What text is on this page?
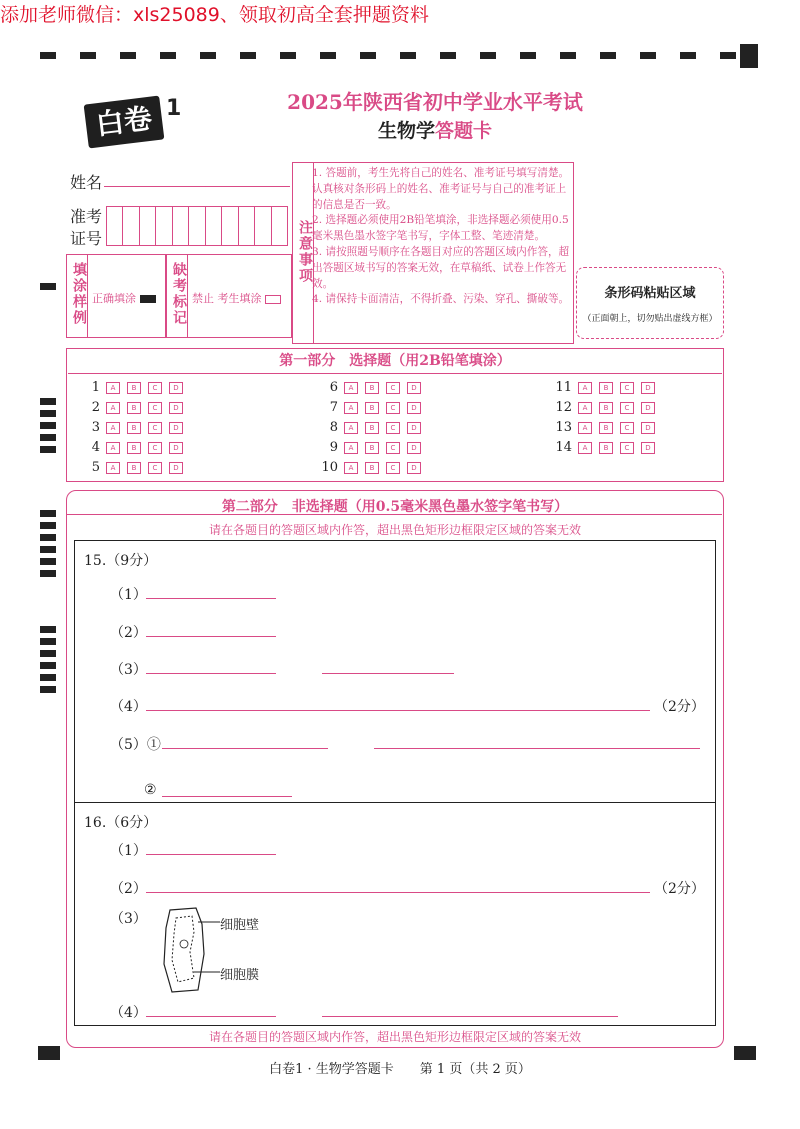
添加老师微信：xls25089、领取初高全套押题资料
白卷 1	2025年陕西省初中学业水平考试
生物学答题卡
姓名
准考
证号
填涂样例 正确填涂	缺考标记 禁止 考生填涂
注意事项
1. 答题前，考生先将自己的姓名、准考证号填写清楚。认真核对条形码上的姓名、准考证号与自己的准考证上的信息是否一致。
2. 选择题必须使用2B铅笔填涂，非选择题必须使用0.5毫米黑色墨水签字笔书写，字体工整、笔迹清楚。
3. 请按照题号顺序在各题目对应的答题区域内作答，超出答题区域书写的答案无效，在草稿纸、试卷上作答无效。
4. 请保持卡面清洁，不得折叠、污染、穿孔、撕破等。	条形码粘贴区域
（正面朝上，切勿贴出虚线方框）
第一部分　选择题（用2B铅笔填涂）
1 A B C D
2 A B C D
3 A B C D
4 A B C D
5 A B C D
6 A B C D
7 A B C D
8 A B C D
9 A B C D
10 A B C D
11 A B C D
12 A B C D
13 A B C D
14 A B C D
第二部分　非选择题（用0.5毫米黑色墨水签字笔书写）
请在各题目的答题区域内作答，超出黑色矩形边框限定区域的答案无效
15.（9分）
（1）
（2）
（3）
（4）	（2分）
（5）①
②
16.（6分）
（1）
（2）	（2分）
（3）	细胞壁
细胞膜
（4）
请在各题目的答题区域内作答，超出黑色矩形边框限定区域的答案无效
白卷1 · 生物学答题卡　　第 1 页（共 2 页）
